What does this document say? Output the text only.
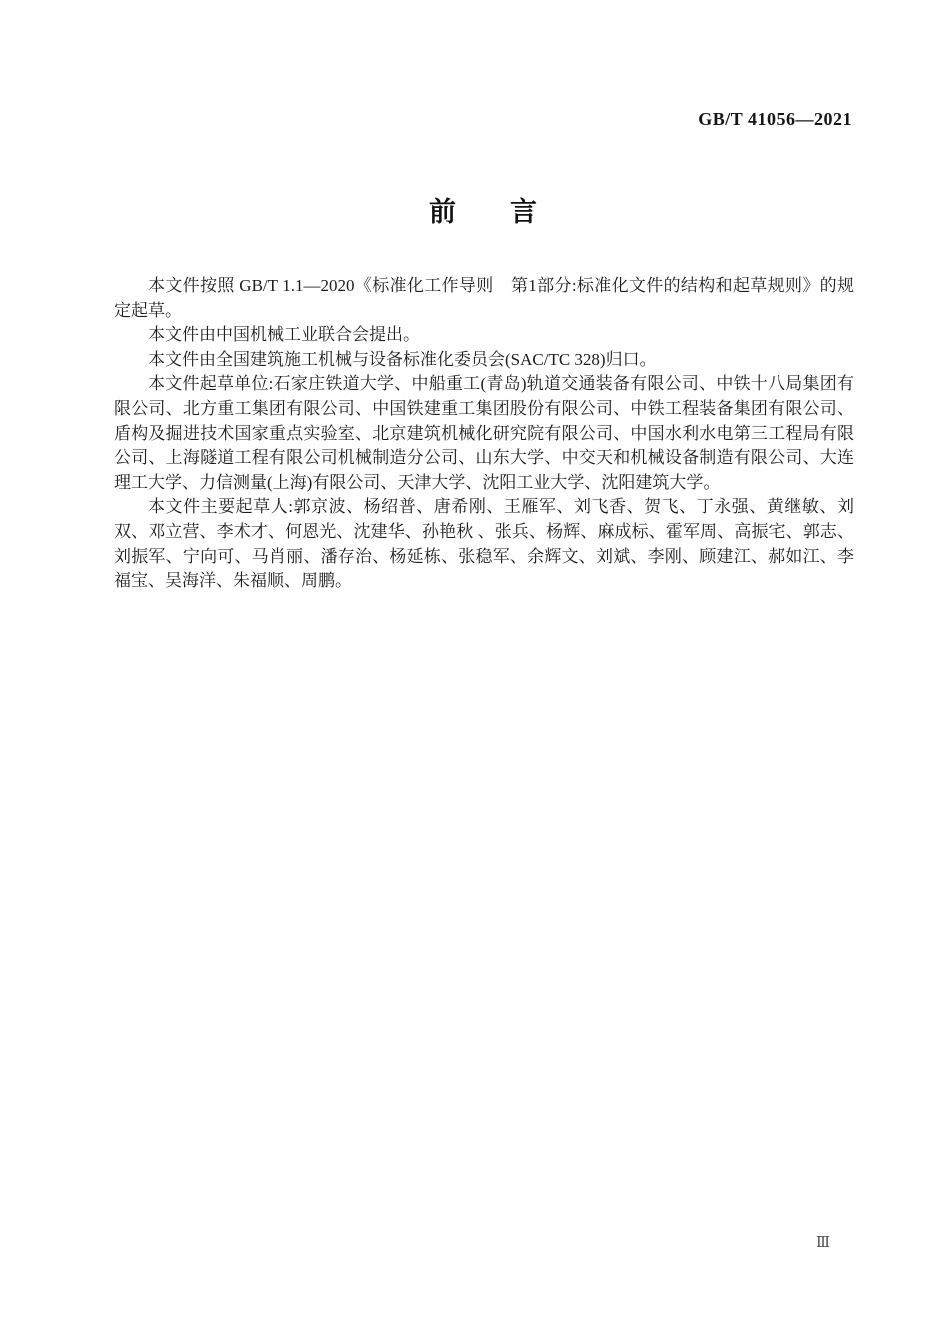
GB/T 41056—2021
前　　言

本文件按照 GB/T 1.1—2020《标准化工作导则　第1部分:标准化文件的结构和起草规则》的规定起草。

本文件由中国机械工业联合会提出。

本文件由全国建筑施工机械与设备标准化委员会(SAC/TC 328)归口。

本文件起草单位:石家庄铁道大学、中船重工(青岛)轨道交通装备有限公司、中铁十八局集团有限公司、北方重工集团有限公司、中国铁建重工集团股份有限公司、中铁工程装备集团有限公司、盾构及掘进技术国家重点实验室、北京建筑机械化研究院有限公司、中国水利水电第三工程局有限公司、上海隧道工程有限公司机械制造分公司、山东大学、中交天和机械设备制造有限公司、大连理工大学、力信测量(上海)有限公司、天津大学、沈阳工业大学、沈阳建筑大学。

本文件主要起草人:郭京波、杨绍普、唐希刚、王雁军、刘飞香、贺飞、丁永强、黄继敏、刘双、邓立营、李术才、何恩光、沈建华、孙艳秋 、张兵、杨辉、麻成标、霍军周、高振宅、郭志、刘振军、宁向可、马肖丽、潘存治、杨延栋、张稳军、余辉文、刘斌、李刚、顾建江、郝如江、李福宝、吴海洋、朱福顺、周鹏。

Ⅲ
